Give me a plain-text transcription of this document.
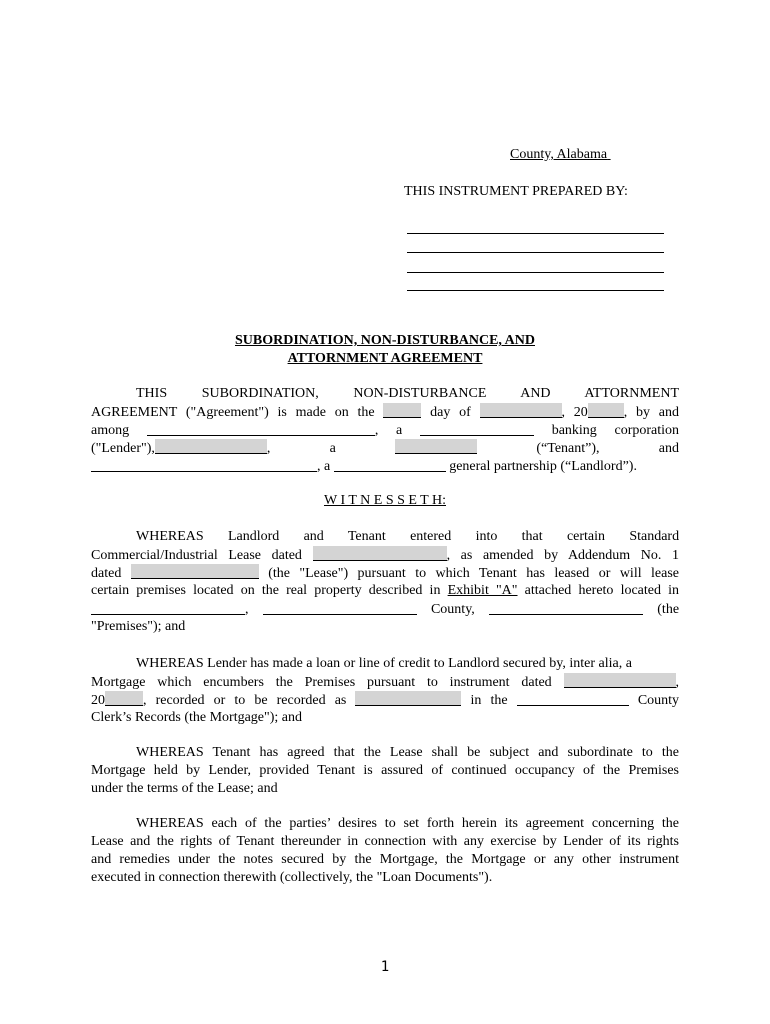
County, Alabama
THIS INSTRUMENT PREPARED BY:
SUBORDINATION, NON-DISTURBANCE, AND
ATTORNMENT AGREEMENT
THIS SUBORDINATION, NON-DISTURBANCE AND ATTORNMENT
AGREEMENT ("Agreement") is made on the	day of	, 20	, by and
among	, a	banking corporation
("Lender"),	,	a	(“Tenant”),	and
, a	general partnership (“Landlord”).
W I T N E S S E T H:
WHEREAS Landlord and Tenant entered into that certain Standard
Commercial/Industrial Lease dated	, as amended by Addendum No. 1
dated	(the "Lease") pursuant to which Tenant has leased or will lease
certain premises located on the real property described in Exhibit "A" attached hereto located in
,	County,	(the
"Premises"); and
WHEREAS Lender has made a loan or line of credit to Landlord secured by, inter alia, a
Mortgage which encumbers the Premises pursuant to instrument dated	,
20	, recorded or to be recorded as	in the	County
Clerk’s Records (the Mortgage"); and
WHEREAS Tenant has agreed that the Lease shall be subject and subordinate to the
Mortgage held by Lender, provided Tenant is assured of continued occupancy of the Premises
under the terms of the Lease; and
WHEREAS each of the parties’ desires to set forth herein its agreement concerning the
Lease and the rights of Tenant thereunder in connection with any exercise by Lender of its rights
and remedies under the notes secured by the Mortgage, the Mortgage or any other instrument
executed in connection therewith (collectively, the "Loan Documents").
1
